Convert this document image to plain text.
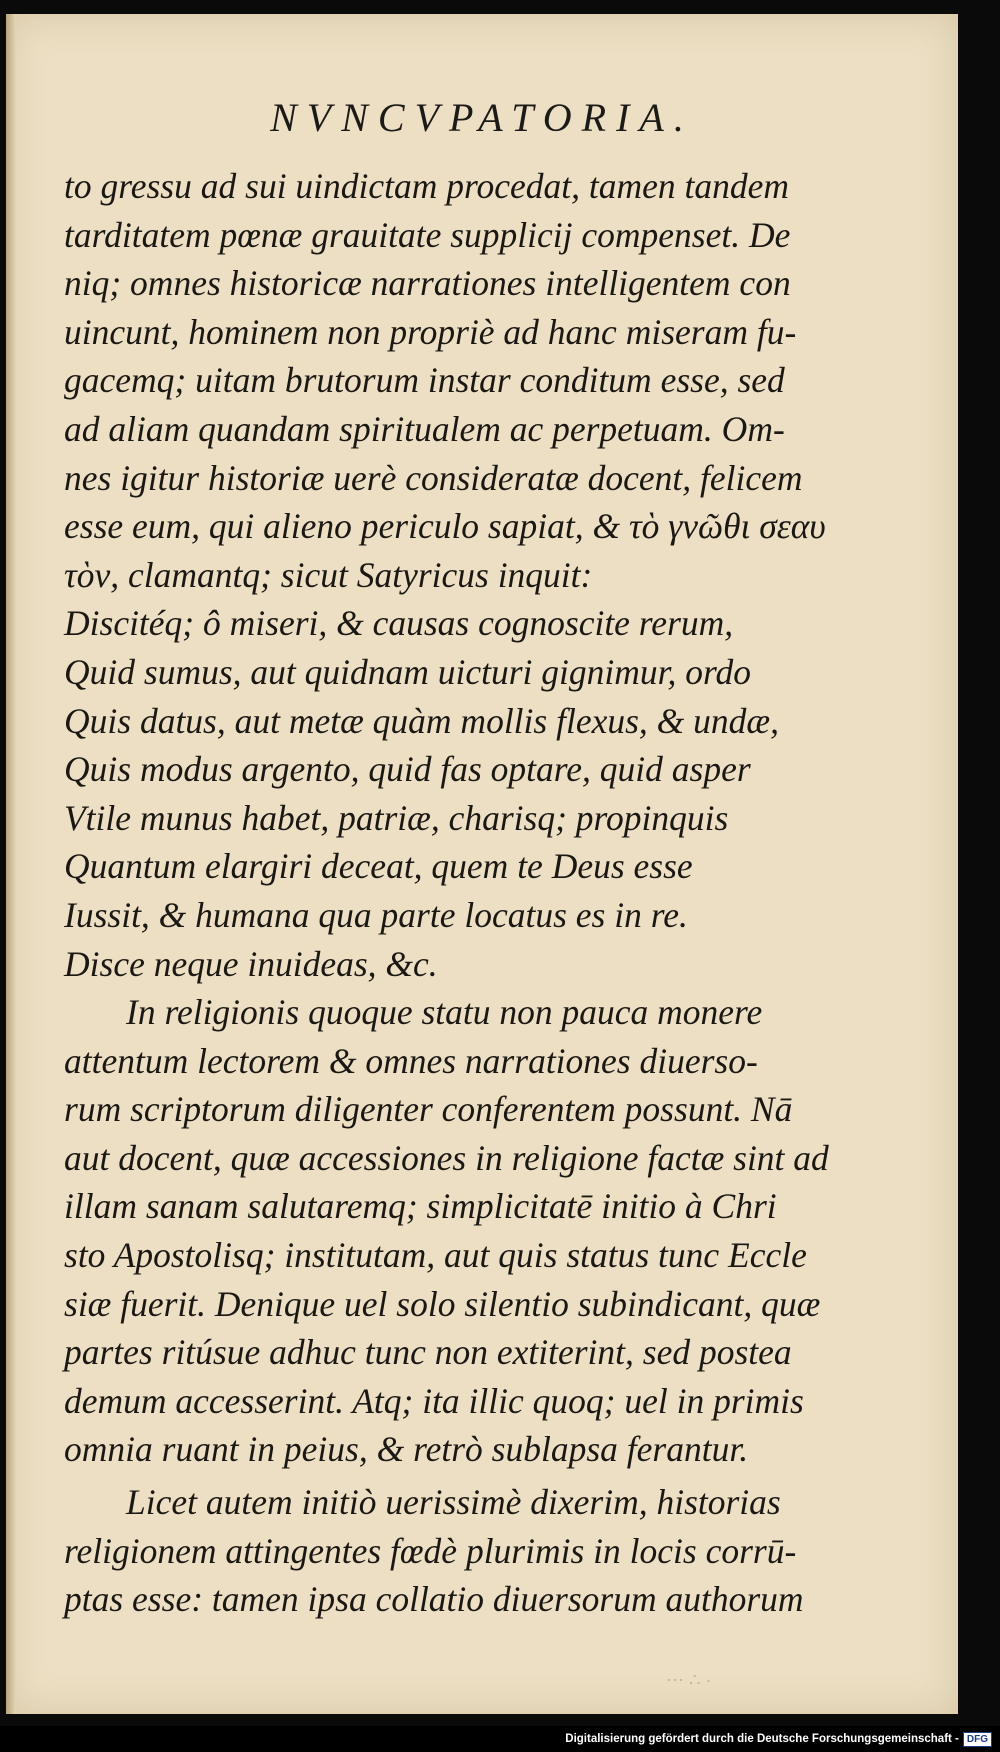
NVNCVPATORIA.
to gressu ad sui uindictam procedat, tamen tandem
tarditatem pœnæ grauitate supplicij compenset. De
niq; omnes historicæ narrationes intelligentem con
uincunt, hominem non propriè ad hanc miseram fu-
gacemq; uitam brutorum instar conditum esse, sed
ad aliam quandam spiritualem ac perpetuam. Om-
nes igitur historiæ uerè consideratæ docent, felicem
esse eum, qui alieno periculo sapiat, & τὸ γνῶθι σεαυ
τὸν, clamantq; sicut Satyricus inquit:
Discitéq; ô miseri, & causas cognoscite rerum,
Quid sumus, aut quidnam uicturi gignimur, ordo
Quis datus, aut metæ quàm mollis flexus, & undæ,
Quis modus argento, quid fas optare, quid asper
Vtile munus habet, patriæ, charisq; propinquis
Quantum elargiri deceat, quem te Deus esse
Iussit, & humana qua parte locatus es in re.
Disce neque inuideas, &c.
In religionis quoque statu non pauca monere
attentum lectorem & omnes narrationes diuerso-
rum scriptorum diligenter conferentem possunt. Nā
aut docent, quæ accessiones in religione factæ sint ad
illam sanam salutaremq; simplicitatē initio à Chri
sto Apostolisq; institutam, aut quis status tunc Eccle
siæ fuerit. Denique uel solo silentio subindicant, quæ
partes ritúsue adhuc tunc non extiterint, sed postea
demum accesserint. Atq; ita illic quoq; uel in primis
omnia ruant in peius, & retrò sublapsa ferantur.
Licet autem initiò uerissimè dixerim, historias
religionem attingentes fœdè plurimis in locis corrū-
ptas esse: tamen ipsa collatio diuersorum authorum
⋯ ∴ ·
Digitalisierung gefördert durch die Deutsche Forschungsgemeinschaft - DFG
